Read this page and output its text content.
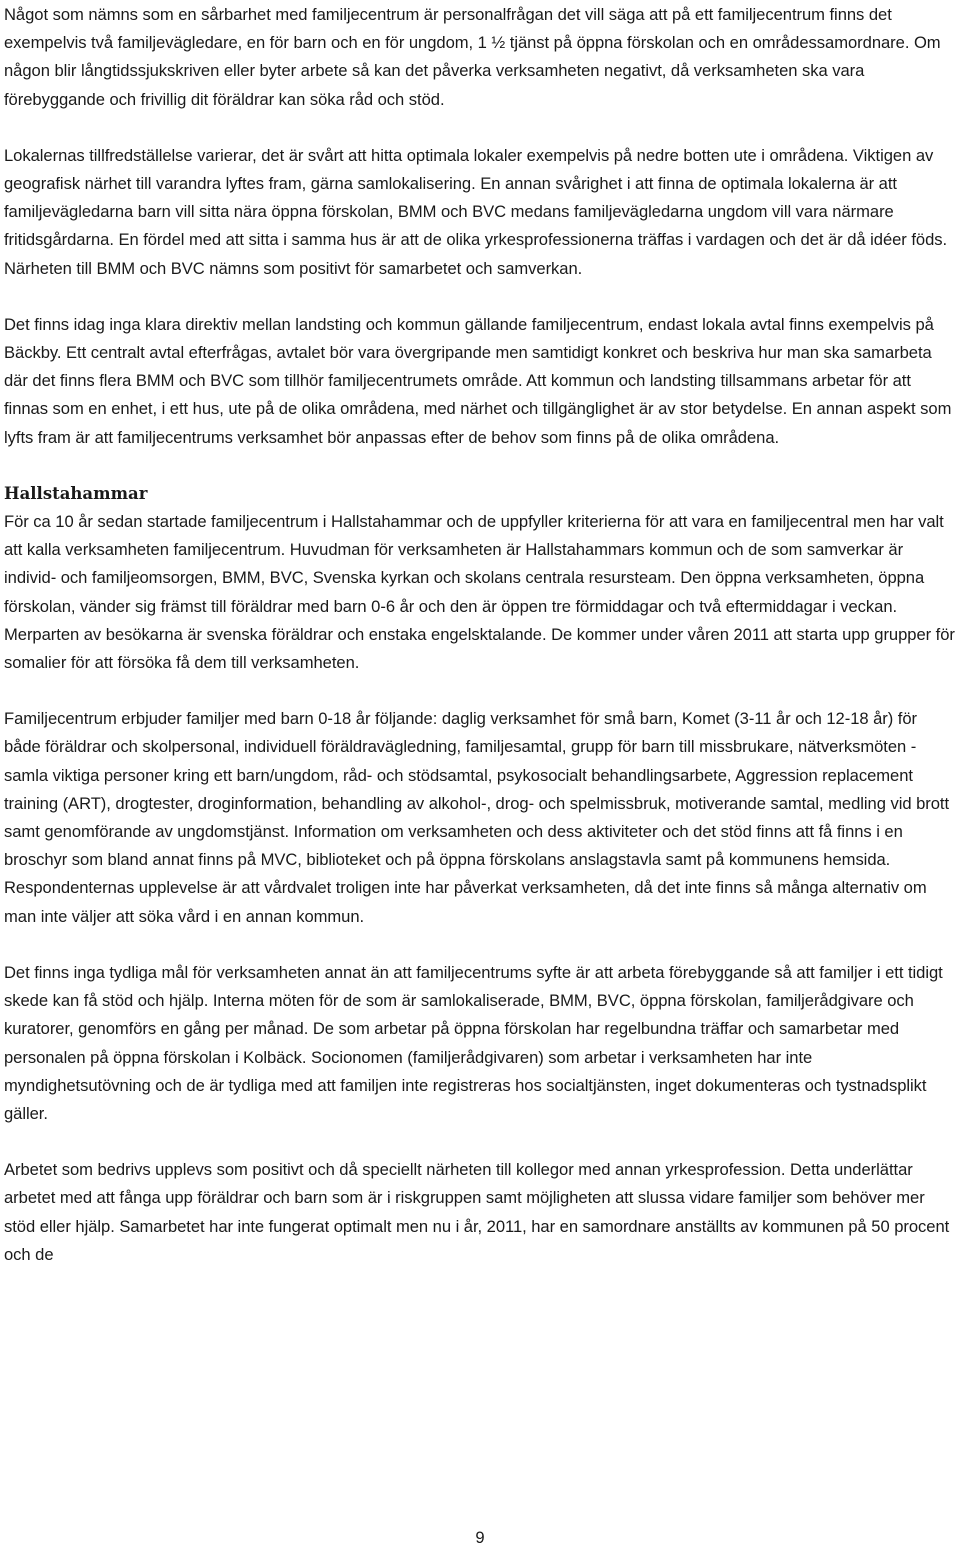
Något som nämns som en sårbarhet med familjecentrum är personalfrågan det vill säga att på ett familjecentrum finns det exempelvis två familjevägledare, en för barn och en för ungdom, 1 ½ tjänst på öppna förskolan och en områdessamordnare. Om någon blir långtidssjukskriven eller byter arbete så kan det påverka verksamheten negativt, då verksamheten ska vara förebyggande och frivillig dit föräldrar kan söka råd och stöd.

Lokalernas tillfredställelse varierar, det är svårt att hitta optimala lokaler exempelvis på nedre botten ute i områdena. Viktigen av geografisk närhet till varandra lyftes fram, gärna samlokalisering. En annan svårighet i att finna de optimala lokalerna är att familjevägledarna barn vill sitta nära öppna förskolan, BMM och BVC medans familjevägledarna ungdom vill vara närmare fritidsgårdarna. En fördel med att sitta i samma hus är att de olika yrkesprofessionerna träffas i vardagen och det är då idéer föds. Närheten till BMM och BVC nämns som positivt för samarbetet och samverkan.

Det finns idag inga klara direktiv mellan landsting och kommun gällande familjecentrum, endast lokala avtal finns exempelvis på Bäckby. Ett centralt avtal efterfrågas, avtalet bör vara övergripande men samtidigt konkret och beskriva hur man ska samarbeta där det finns flera BMM och BVC som tillhör familjecentrumets område. Att kommun och landsting tillsammans arbetar för att finnas som en enhet, i ett hus, ute på de olika områdena, med närhet och tillgänglighet är av stor betydelse. En annan aspekt som lyfts fram är att familjecentrums verksamhet bör anpassas efter de behov som finns på de olika områdena.

Hallstahammar

För ca 10 år sedan startade familjecentrum i Hallstahammar och de uppfyller kriterierna för att vara en familjecentral men har valt att kalla verksamheten familjecentrum. Huvudman för verksamheten är Hallstahammars kommun och de som samverkar är individ- och familjeomsorgen, BMM, BVC, Svenska kyrkan och skolans centrala resursteam. Den öppna verksamheten, öppna förskolan, vänder sig främst till föräldrar med barn 0-6 år och den är öppen tre förmiddagar och två eftermiddagar i veckan. Merparten av besökarna är svenska föräldrar och enstaka engelsktalande. De kommer under våren 2011 att starta upp grupper för somalier för att försöka få dem till verksamheten.

Familjecentrum erbjuder familjer med barn 0-18 år följande: daglig verksamhet för små barn, Komet (3-11 år och 12-18 år) för både föräldrar och skolpersonal, individuell föräldravägledning, familjesamtal, grupp för barn till missbrukare, nätverksmöten - samla viktiga personer kring ett barn/ungdom, råd- och stödsamtal, psykosocialt behandlingsarbete, Aggression replacement training (ART), drogtester, droginformation, behandling av alkohol-, drog- och spelmissbruk, motiverande samtal, medling vid brott samt genomförande av ungdomstjänst. Information om verksamheten och dess aktiviteter och det stöd finns att få finns i en broschyr som bland annat finns på MVC, biblioteket och på öppna förskolans anslagstavla samt på kommunens hemsida. Respondenternas upplevelse är att vårdvalet troligen inte har påverkat verksamheten, då det inte finns så många alternativ om man inte väljer att söka vård i en annan kommun.

Det finns inga tydliga mål för verksamheten annat än att familjecentrums syfte är att arbeta förebyggande så att familjer i ett tidigt skede kan få stöd och hjälp. Interna möten för de som är samlokaliserade, BMM, BVC, öppna förskolan, familjerådgivare och kuratorer, genomförs en gång per månad. De som arbetar på öppna förskolan har regelbundna träffar och samarbetar med personalen på öppna förskolan i Kolbäck. Socionomen (familjerådgivaren) som arbetar i verksamheten har inte myndighetsutövning och de är tydliga med att familjen inte registreras hos socialtjänsten, inget dokumenteras och tystnadsplikt gäller.

Arbetet som bedrivs upplevs som positivt och då speciellt närheten till kollegor med annan yrkesprofession. Detta underlättar arbetet med att fånga upp föräldrar och barn som är i riskgruppen samt möjligheten att slussa vidare familjer som behöver mer stöd eller hjälp. Samarbetet har inte fungerat optimalt men nu i år, 2011, har en samordnare anställts av kommunen på 50 procent och de

9
